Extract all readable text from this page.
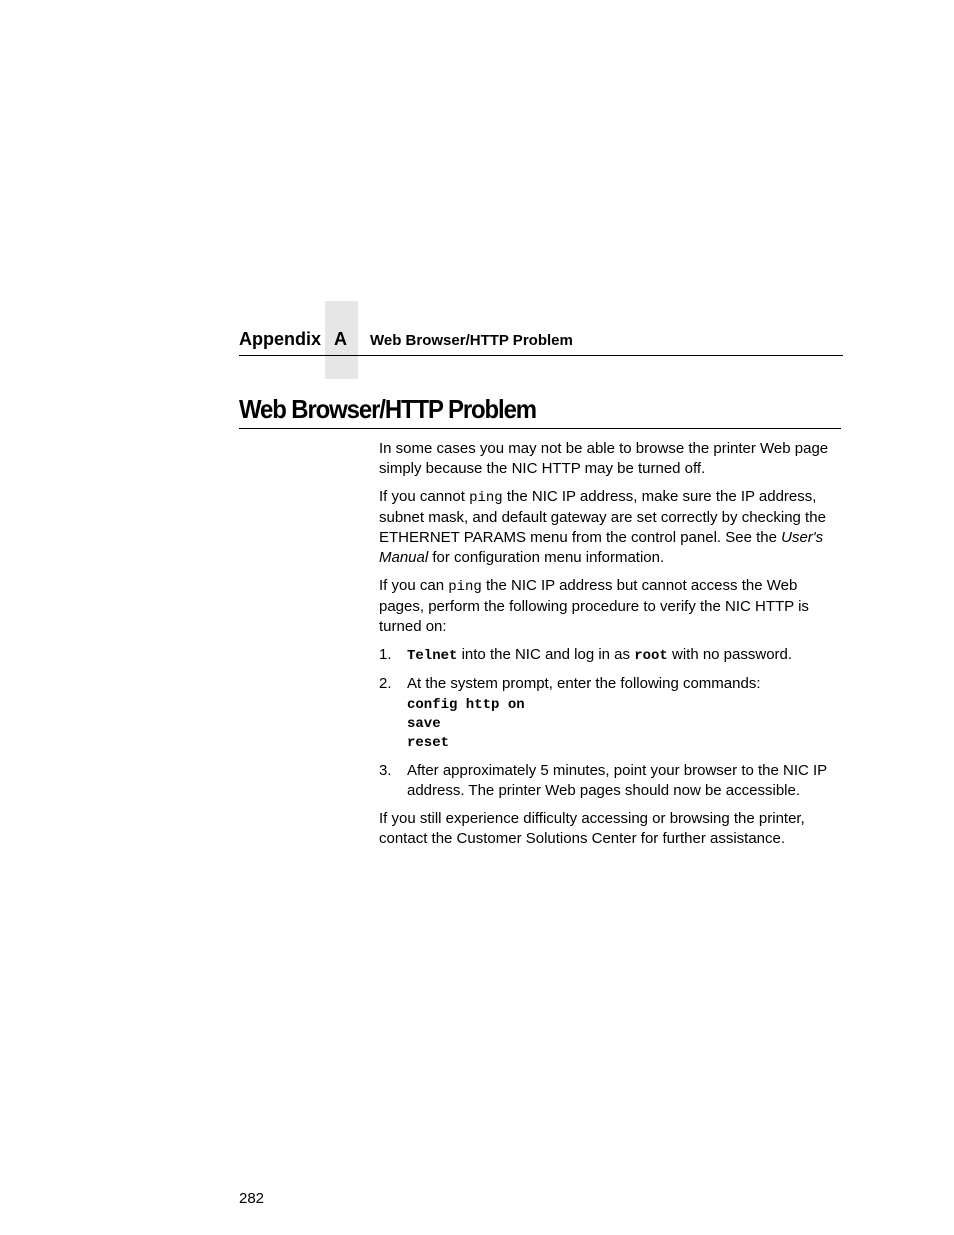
Appendix A Web Browser/HTTP Problem
Web Browser/HTTP Problem

In some cases you may not be able to browse the printer Web page simply because the NIC HTTP may be turned off.

If you cannot ping the NIC IP address, make sure the IP address, subnet mask, and default gateway are set correctly by checking the ETHERNET PARAMS menu from the control panel. See the User's Manual for configuration menu information.

If you can ping the NIC IP address but cannot access the Web pages, perform the following procedure to verify the NIC HTTP is turned on:

1. Telnet into the NIC and log in as root with no password.
2. At the system prompt, enter the following commands:
config http on
save
reset
3. After approximately 5 minutes, point your browser to the NIC IP address. The printer Web pages should now be accessible.

If you still experience difficulty accessing or browsing the printer, contact the Customer Solutions Center for further assistance.

282
